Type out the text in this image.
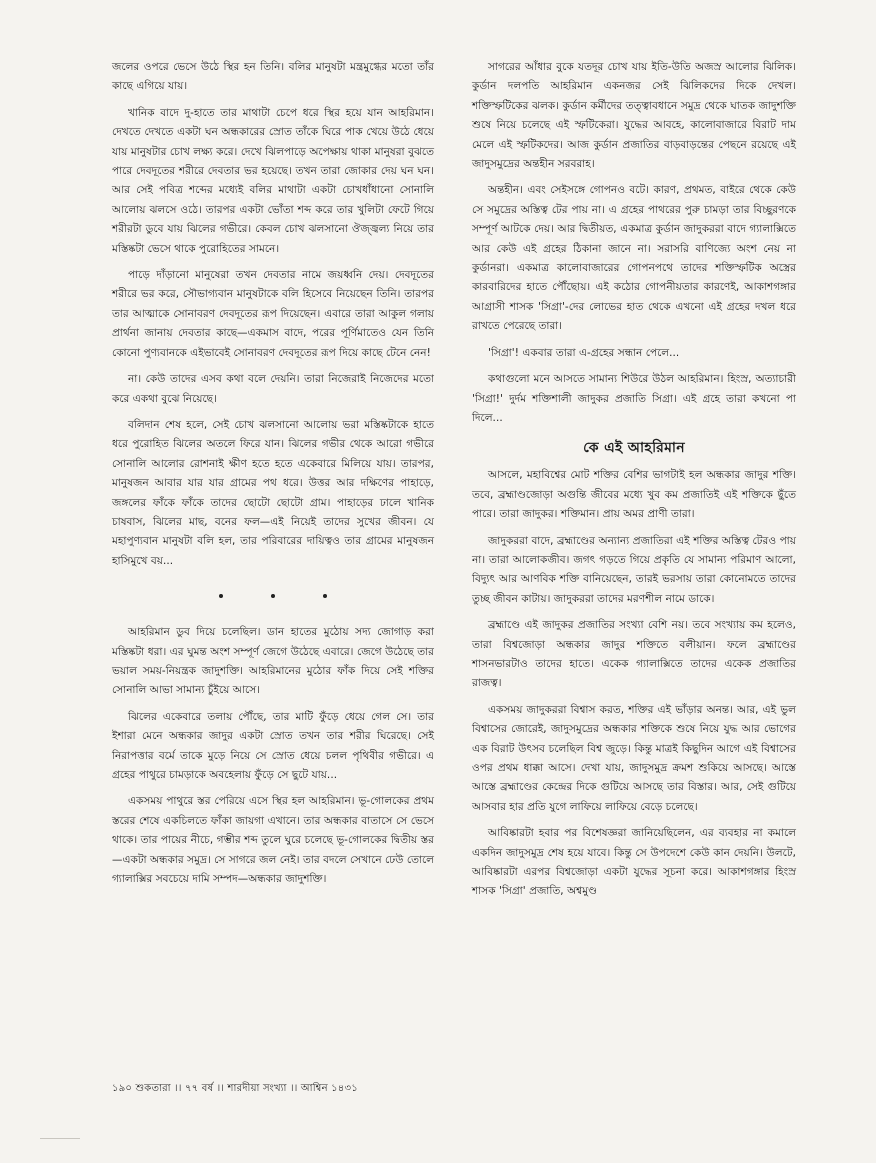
জলের ওপরে ভেসে উঠে স্থির হন তিনি। বলির মানুষটা মন্ত্রমুগ্ধের মতো তাঁর কাছে এগিয়ে যায়।

খানিক বাদে দু-হাতে তার মাথাটা চেপে ধরে স্থির হয়ে যান আহরিমান। দেখতে দেখতে একটা ঘন অন্ধকারের স্রোত তাঁকে ঘিরে পাক খেয়ে উঠে ধেয়ে যায় মানুষটার চোখ লক্ষ্য করে। দেখে ঝিলপাড়ে অপেক্ষায় থাকা মানুষরা বুঝতে পারে দেবদূতের শরীরে দেবতার ভর হয়েছে। তখন তারা জোকার দেয় ঘন ঘন। আর সেই পবিত্র শব্দের মধ্যেই বলির মাথাটা একটা চোখধাঁধানো সোনালি আলোয় ঝলসে ওঠে। তারপর একটা ভোঁতা শব্দ করে তার খুলিটা ফেটে গিয়ে শরীরটা ডুবে যায় ঝিলের গভীরে। কেবল চোখ ঝলসানো ঔজ্জ্বল্য নিয়ে তার মস্তিষ্কটা ভেসে থাকে পুরোহিতের সামনে।

পাড়ে দাঁড়ানো মানুষেরা তখন দেবতার নামে জয়ধ্বনি দেয়। দেবদূতের শরীরে ভর করে, সৌভাগ্যবান মানুষটাকে বলি হিসেবে নিয়েছেন তিনি। তারপর তার আত্মাকে সোনাবরণ দেবদূতের রূপ দিয়েছেন। এবারে তারা আকুল গলায় প্রার্থনা জানায় দেবতার কাছে—একমাস বাদে, পরের পূর্ণিমাতেও যেন তিনি কোনো পুণ্যবানকে এইভাবেই সোনাবরণ দেবদূতের রূপ দিয়ে কাছে টেনে নেন!

না। কেউ তাদের এসব কথা বলে দেয়নি। তারা নিজেরাই নিজেদের মতো করে একথা বুঝে নিয়েছে।

বলিদান শেষ হলে, সেই চোখ ঝলসানো আলোয় ভরা মস্তিষ্কটাকে হাতে ধরে পুরোহিত ঝিলের অতলে ফিরে যান। ঝিলের গভীর থেকে আরো গভীরে সোনালি আলোর রোশনাই ক্ষীণ হতে হতে একেবারে মিলিয়ে যায়। তারপর, মানুষজন আবার যার যার গ্রামের পথ ধরে। উত্তর আর দক্ষিণের পাহাড়ে, জঙ্গলের ফাঁকে ফাঁকে তাদের ছোটো ছোটো গ্রাম। পাহাড়ের ঢালে খানিক চাষবাস, ঝিলের মাছ, বনের ফল—এই নিয়েই তাদের সুখের জীবন। যে মহাপুণ্যবান মানুষটা বলি হল, তার পরিবারের দায়িত্বও তার গ্রামের মানুষজন হাসিমুখে বয়...

আহরিমান ডুব দিয়ে চলেছিল। ডান হাতের মুঠোয় সদ্য জোগাড় করা মস্তিষ্কটা ধরা। এর ঘুমন্ত অংশ সম্পূর্ণ জেগে উঠেছে এবারে। জেগে উঠেছে তার ভয়াল সময়-নিয়ন্ত্রক জাদুশক্তি। আহরিমানের মুঠোর ফাঁক দিয়ে সেই শক্তির সোনালি আভা সামান্য চুঁইয়ে আসে।

ঝিলের একেবারে তলায় পৌঁছে, তার মাটি ফুঁড়ে ধেয়ে গেল সে। তার ইশারা মেনে অন্ধকার জাদুর একটা স্রোত তখন তার শরীর ঘিরেছে। সেই নিরাপত্তার বর্মে তাকে মুড়ে নিয়ে সে স্রোত ধেয়ে চলল পৃথিবীর গভীরে। এ গ্রহের পাথুরে চামড়াকে অবহেলায় ফুঁড়ে সে ছুটে যায়...

একসময় পাথুরে স্তর পেরিয়ে এসে স্থির হল আহরিমান। ভূ-গোলকের প্রথম স্তরের শেষে একচিলতে ফাঁকা জায়গা এখানে। তার অন্ধকার বাতাসে সে ভেসে থাকে। তার পায়ের নীচে, গম্ভীর শব্দ তুলে ঘুরে চলেছে ভূ-গোলকের দ্বিতীয় স্তর—একটা অন্ধকার সমুদ্র। সে সাগরে জল নেই। তার বদলে সেখানে ঢেউ তোলে গ্যালাক্সির সবচেয়ে দামি সম্পদ—অন্ধকার জাদুশক্তি।

সাগরের আঁধার বুকে যতদূর চোখ যায় ইতি-উতি অজস্র আলোর ঝিলিক। কুর্ডান দলপতি আহরিমান একনজর সেই ঝিলিকদের দিকে দেখল। শক্তিস্ফটিকের ঝলক। কুর্ডান কর্মীদের তত্ত্বাবধানে সমুদ্র থেকে ঘাতক জাদুশক্তি শুষে নিয়ে চলেছে এই স্ফটিকেরা। যুদ্ধের আবহে, কালোবাজারে বিরাট দাম মেলে এই স্ফটিকদের। আজ কুর্ডান প্রজাতির বাড়বাড়ন্তের পেছনে রয়েছে এই জাদুসমুদ্রের অন্তহীন সরবরাহ।

অন্তহীন। এবং সেইসঙ্গে গোপনও বটে। কারণ, প্রথমত, বাইরে থেকে কেউ সে সমুদ্রের অস্তিত্ব টের পায় না। এ গ্রহের পাথরের পুরু চামড়া তার বিচ্ছুরণকে সম্পূর্ণ আটকে দেয়। আর দ্বিতীয়ত, একমাত্র কুর্ডান জাদুকররা বাদে গ্যালাক্সিতে আর কেউ এই গ্রহের ঠিকানা জানে না। সরাসরি বাণিজ্যে অংশ নেয় না কুর্ডানরা। একমাত্র কালোবাজারের গোপনপথে তাদের শক্তিস্ফটিক অস্ত্রের কারবারিদের হাতে পৌঁছোয়। এই কঠোর গোপনীয়তার কারণেই, আকাশগঙ্গার আগ্রাসী শাসক 'সিগ্রা'-দের লোভের হাত থেকে এখনো এই গ্রহের দখল ধরে রাখতে পেরেছে তারা।

'সিগ্রা'! একবার তারা এ-গ্রহের সন্ধান পেলে...

কথাগুলো মনে আসতে সামান্য শিউরে উঠল আহরিমান। হিংস্র, অত্যাচারী 'সিগ্রা!' দুর্দম শক্তিশালী জাদুকর প্রজাতি সিগ্রা। এই গ্রহে তারা কখনো পা দিলে...

কে এই আহরিমান

আসলে, মহাবিশ্বের মোট শক্তির বেশির ভাগটাই হল অন্ধকার জাদুর শক্তি। তবে, ব্রহ্মাণ্ডজোড়া অগুন্তি জীবের মধ্যে খুব কম প্রজাতিই এই শক্তিকে ছুঁতে পারে। তারা জাদুকর। শক্তিমান। প্রায় অমর প্রাণী তারা।

জাদুকররা বাদে, ব্রহ্মাণ্ডের অন্যান্য প্রজাতিরা এই শক্তির অস্তিত্ব টেরও পায় না। তারা আলোকজীব। জগৎ গড়তে গিয়ে প্রকৃতি যে সামান্য পরিমাণ আলো, বিদ্যুৎ আর আণবিক শক্তি বানিয়েছেন, তারই ভরসায় তারা কোনোমতে তাদের তুচ্ছ জীবন কাটায়। জাদুকররা তাদের মরণশীল নামে ডাকে।

ব্রহ্মাণ্ডে এই জাদুকর প্রজাতির সংখ্যা বেশি নয়। তবে সংখ্যায় কম হলেও, তারা বিশ্বজোড়া অন্ধকার জাদুর শক্তিতে বলীয়ান। ফলে ব্রহ্মাণ্ডের শাসনভারটাও তাদের হাতে। একেক গ্যালাক্সিতে তাদের একেক প্রজাতির রাজত্ব।

একসময় জাদুকররা বিশ্বাস করত, শক্তির এই ভাঁড়ার অনন্ত। আর, এই ভুল বিশ্বাসের জোরেই, জাদুসমুদ্রের অন্ধকার শক্তিকে শুষে নিয়ে যুদ্ধ আর ভোগের এক বিরাট উৎসব চলেছিল বিশ্ব জুড়ে। কিন্তু মাত্রই কিছুদিন আগে এই বিশ্বাসের ওপর প্রথম ধাক্কা আসে। দেখা যায়, জাদুসমুদ্র ক্রমশ শুকিয়ে আসছে। আস্তে আস্তে ব্রহ্মাণ্ডের কেন্দ্রের দিকে গুটিয়ে আসছে তার বিস্তার। আর, সেই গুটিয়ে আসবার হার প্রতি যুগে লাফিয়ে লাফিয়ে বেড়ে চলেছে।

আবিষ্কারটা হবার পর বিশেষজ্ঞরা জানিয়েছিলেন, এর ব্যবহার না কমালে একদিন জাদুসমুদ্র শেষ হয়ে যাবে। কিন্তু সে উপদেশে কেউ কান দেয়নি। উলটে, আবিষ্কারটা এরপর বিশ্বজোড়া একটা যুদ্ধের সূচনা করে। আকাশগঙ্গার হিংস্র শাসক 'সিগ্রা' প্রজাতি, অশ্বমুণ্ড

১৯০ শুকতারা ।। ৭৭ বর্ষ ।। শারদীয়া সংখ্যা ।। আশ্বিন ১৪৩১
